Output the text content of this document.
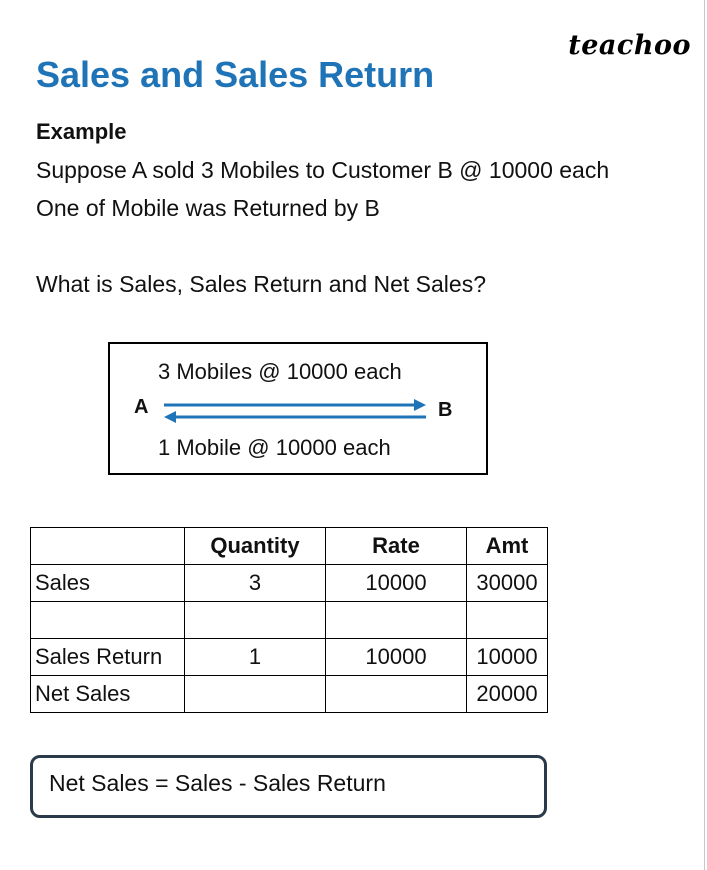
teachoo
Sales and Sales Return
Example
Suppose A sold 3 Mobiles to Customer B @ 10000 each
One of Mobile was Returned by B
What is Sales, Sales Return and Net Sales?
3 Mobiles @ 10000 each
A	B
1 Mobile @ 10000 each
	Quantity	Rate	Amt
Sales	3	10000	30000

Sales Return	1	10000	10000
Net Sales			20000
Net Sales = Sales - Sales Return
